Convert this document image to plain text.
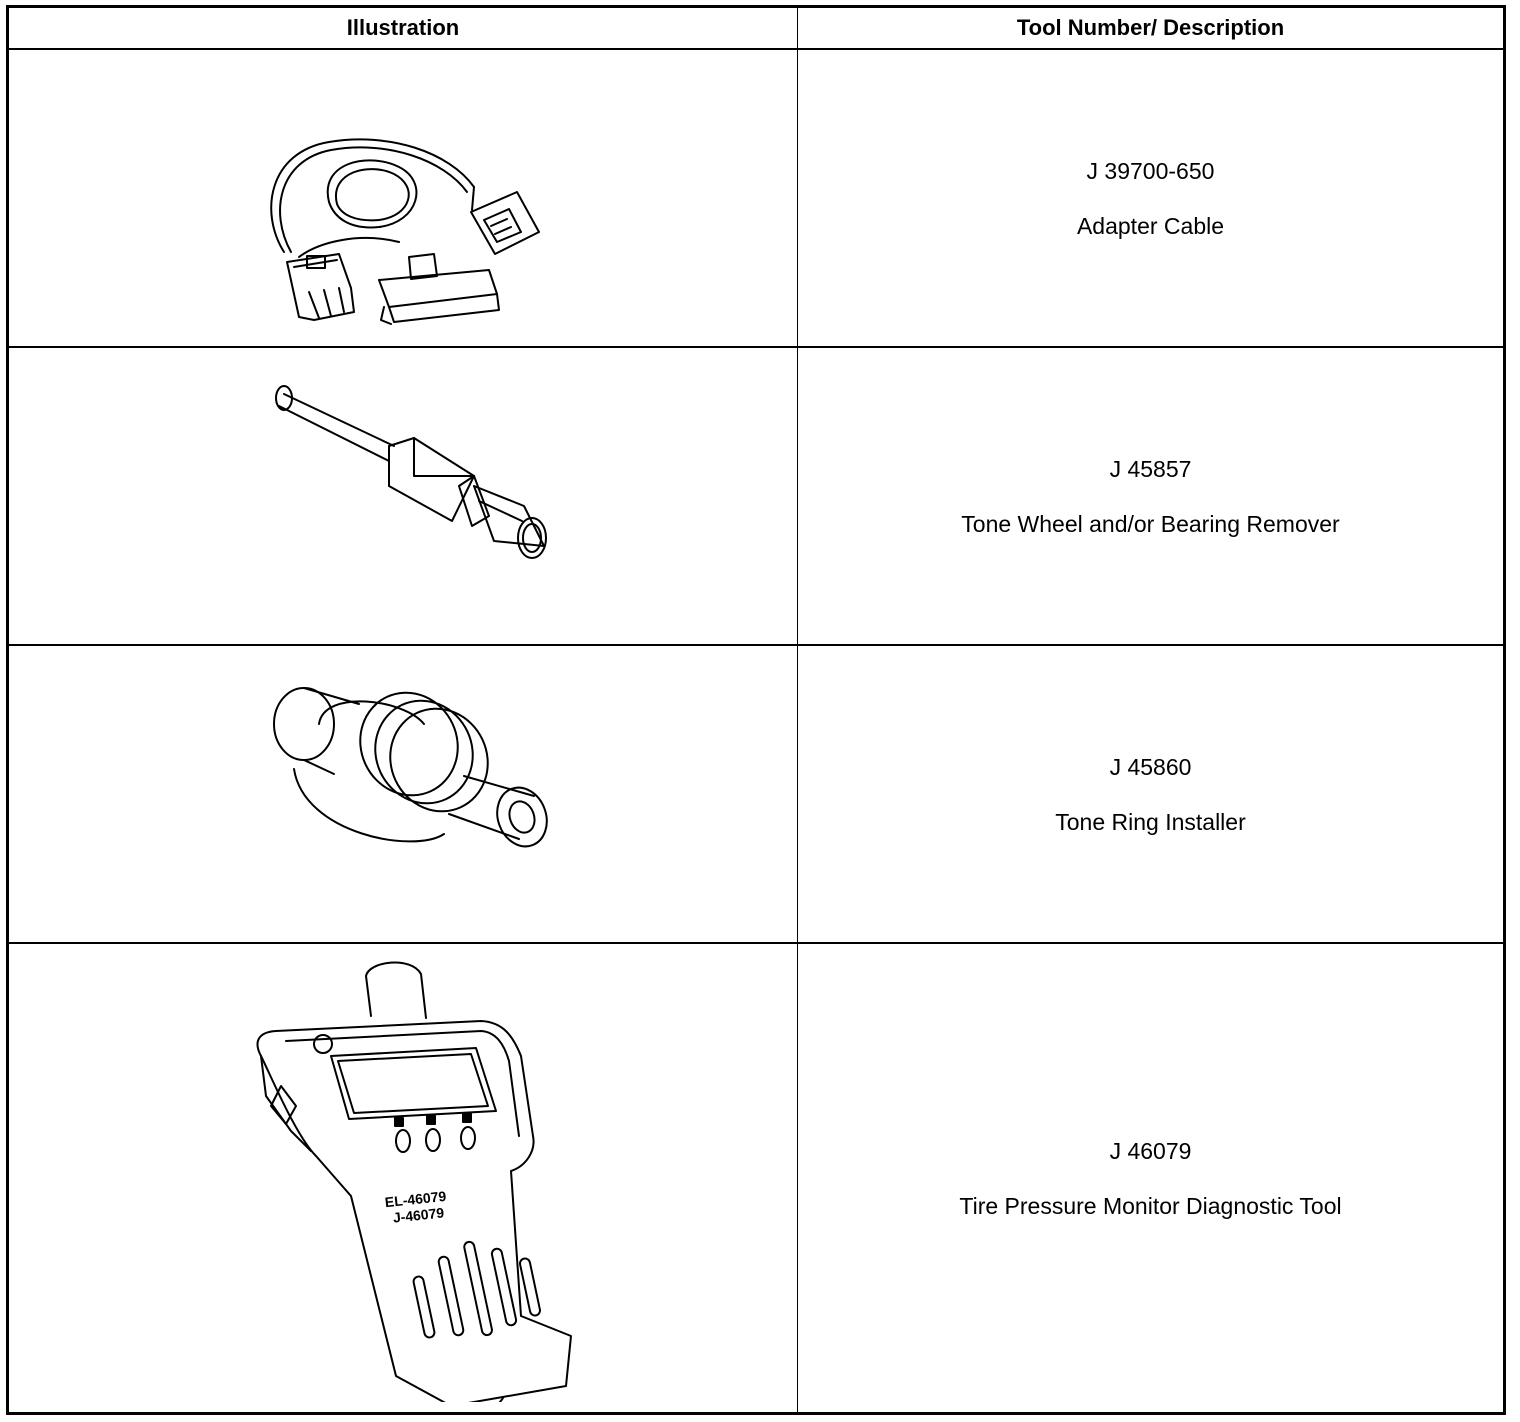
Illustration	Tool Number/ Description
J 39700-650
Adapter Cable
J 45857
Tone Wheel and/or Bearing Remover
J 45860
Tone Ring Installer
EL-46079
J-46079
J 46079
Tire Pressure Monitor Diagnostic Tool
